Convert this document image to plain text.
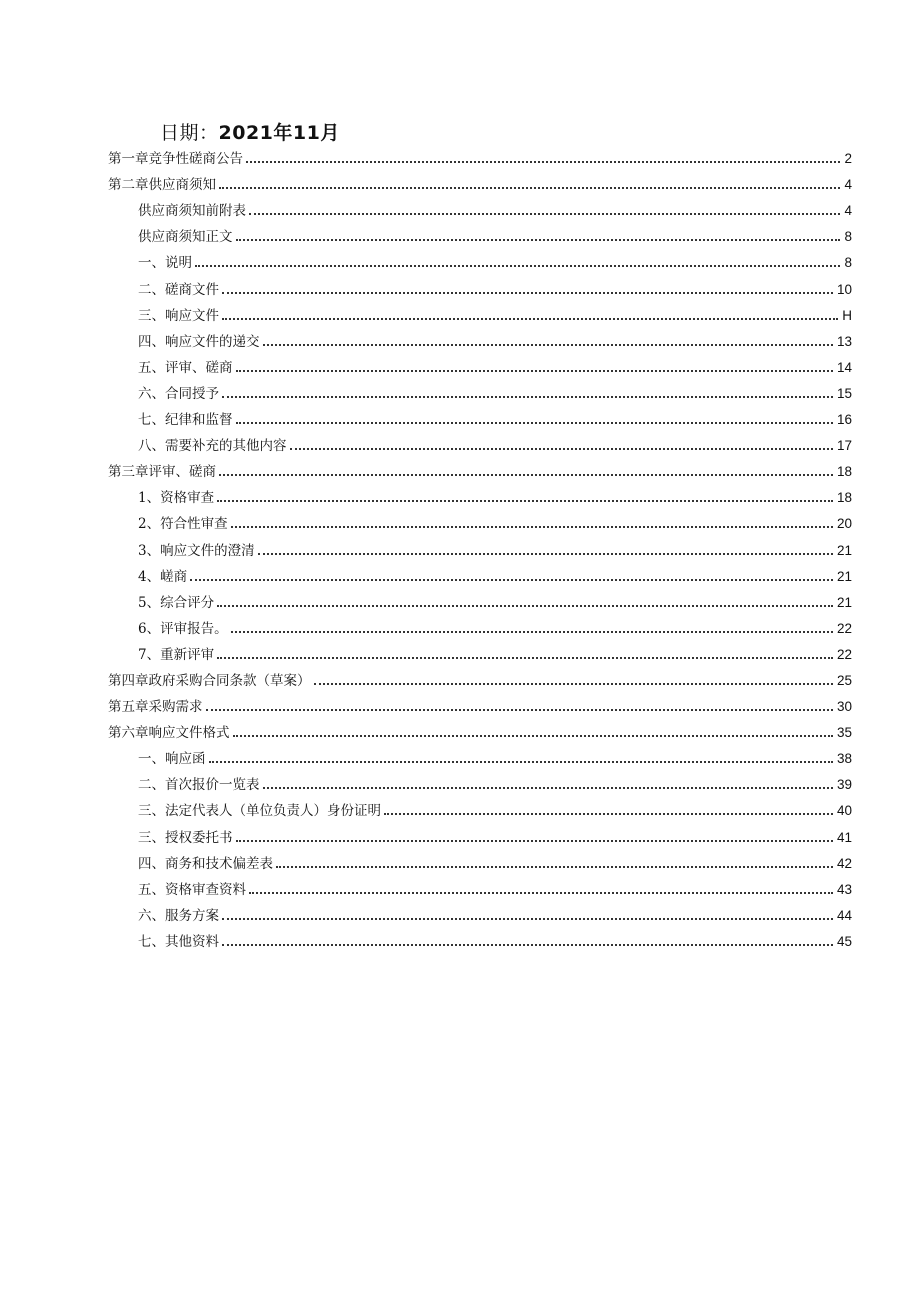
日期：2021年11月
第一章竞争性磋商公告	2
第二章供应商须知	4
供应商须知前附表	4
供应商须知正文	8
一、说明	8
二、磋商文件	10
三、响应文件	H
四、响应文件的递交	13
五、评审、磋商	14
六、合同授予	15
七、纪律和监督	16
八、需要补充的其他内容	17
第三章评审、磋商	18
1、资格审查	18
2、符合性审查	20
3、响应文件的澄清	21
4、嵯商	21
5、综合评分	21
6、评审报告。	22
7、重新评审	22
第四章政府采购合同条款（草案）	25
第五章采购需求	30
第六章响应文件格式	35
一、响应函	38
二、首次报价一览表	39
三、法定代表人（单位负责人）身份证明	40
三、授权委托书	41
四、商务和技术偏差表	42
五、资格审查资料	43
六、服务方案	44
七、其他资料	45
